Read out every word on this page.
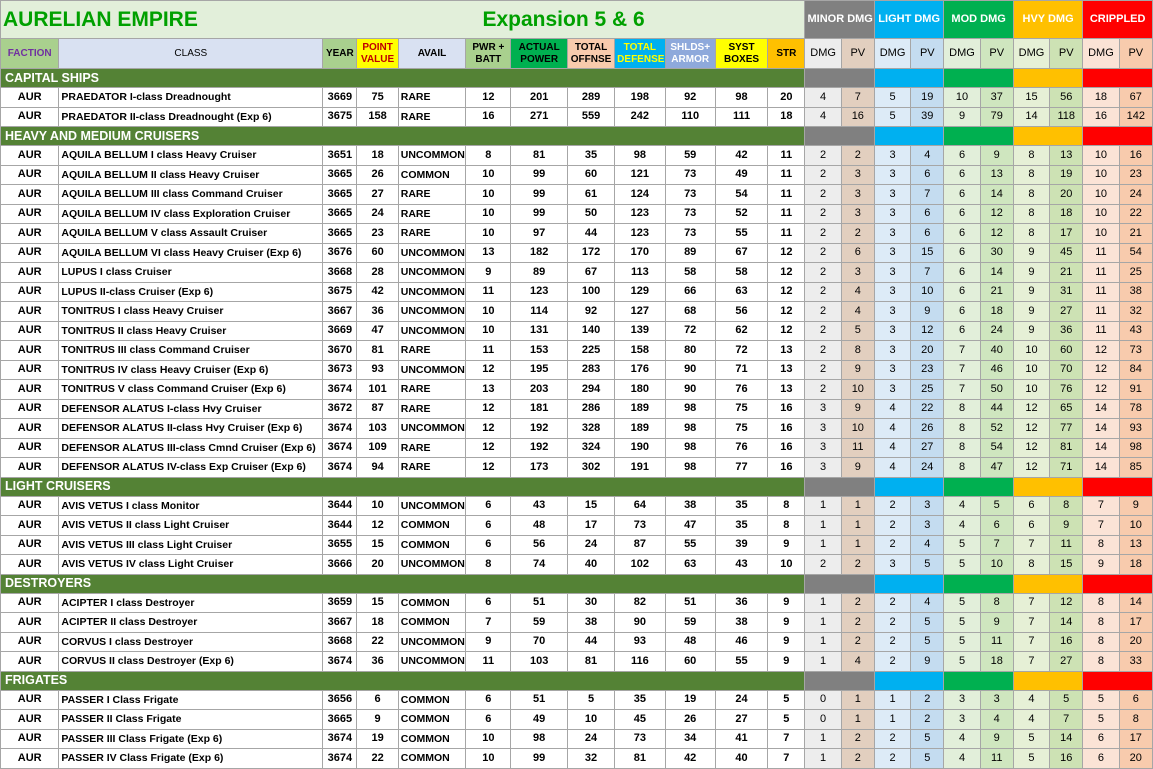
AURELIAN EMPIRE		Expansion 5 & 6										MINOR DMG		LIGHT DMG		MOD DMG		HVY DMG		CRIPPLED	
FACTION	CLASS	YEAR	POINT VALUE	AVAIL	PWR + BATT	ACTUAL POWER	TOTAL OFFNSE	TOTAL DEFENSE	SHLDS+ ARMOR	SYST BOXES	STR	DMG	PV	DMG	PV	DMG	PV	DMG	PV	DMG	PV
CAPITAL SHIPS																					
AUR	PRAEDATOR I-class Dreadnought	3669	75	RARE	12	201	289	198	92	98	20	4	7	5	19	10	37	15	56	18	67
AUR	PRAEDATOR II-class Dreadnought (Exp 6)	3675	158	RARE	16	271	559	242	110	111	18	4	16	5	39	9	79	14	118	16	142
HEAVY AND MEDIUM CRUISERS																					
AUR	AQUILA BELLUM I class Heavy Cruiser	3651	18	UNCOMMON	8	81	35	98	59	42	11	2	2	3	4	6	9	8	13	10	16
AUR	AQUILA BELLUM II class Heavy Cruiser	3665	26	COMMON	10	99	60	121	73	49	11	2	3	3	6	6	13	8	19	10	23
AUR	AQUILA BELLUM III class Command Cruiser	3665	27	RARE	10	99	61	124	73	54	11	2	3	3	7	6	14	8	20	10	24
AUR	AQUILA BELLUM IV class Exploration Cruiser	3665	24	RARE	10	99	50	123	73	52	11	2	3	3	6	6	12	8	18	10	22
AUR	AQUILA BELLUM V class Assault Cruiser	3665	23	RARE	10	97	44	123	73	55	11	2	2	3	6	6	12	8	17	10	21
AUR	AQUILA BELLUM VI class Heavy Cruiser (Exp 6)	3676	60	UNCOMMON	13	182	172	170	89	67	12	2	6	3	15	6	30	9	45	11	54
AUR	LUPUS I class Cruiser	3668	28	UNCOMMON	9	89	67	113	58	58	12	2	3	3	7	6	14	9	21	11	25
AUR	LUPUS II-class Cruiser (Exp 6)	3675	42	UNCOMMON	11	123	100	129	66	63	12	2	4	3	10	6	21	9	31	11	38
AUR	TONITRUS I class Heavy Cruiser	3667	36	UNCOMMON	10	114	92	127	68	56	12	2	4	3	9	6	18	9	27	11	32
AUR	TONITRUS II class Heavy Cruiser	3669	47	UNCOMMON	10	131	140	139	72	62	12	2	5	3	12	6	24	9	36	11	43
AUR	TONITRUS III class Command Cruiser	3670	81	RARE	11	153	225	158	80	72	13	2	8	3	20	7	40	10	60	12	73
AUR	TONITRUS IV class Heavy Cruiser (Exp 6)	3673	93	UNCOMMON	12	195	283	176	90	71	13	2	9	3	23	7	46	10	70	12	84
AUR	TONITRUS V class Command Cruiser (Exp 6)	3674	101	RARE	13	203	294	180	90	76	13	2	10	3	25	7	50	10	76	12	91
AUR	DEFENSOR ALATUS I-class Hvy Cruiser	3672	87	RARE	12	181	286	189	98	75	16	3	9	4	22	8	44	12	65	14	78
AUR	DEFENSOR ALATUS II-class Hvy Cruiser (Exp 6)	3674	103	UNCOMMON	12	192	328	189	98	75	16	3	10	4	26	8	52	12	77	14	93
AUR	DEFENSOR ALATUS III-class Cmnd Cruiser (Exp 6)	3674	109	RARE	12	192	324	190	98	76	16	3	11	4	27	8	54	12	81	14	98
AUR	DEFENSOR ALATUS IV-class Exp Cruiser (Exp 6)	3674	94	RARE	12	173	302	191	98	77	16	3	9	4	24	8	47	12	71	14	85
LIGHT CRUISERS																					
AUR	AVIS VETUS I class Monitor	3644	10	UNCOMMON	6	43	15	64	38	35	8	1	1	2	3	4	5	6	8	7	9
AUR	AVIS VETUS II class Light Cruiser	3644	12	COMMON	6	48	17	73	47	35	8	1	1	2	3	4	6	6	9	7	10
AUR	AVIS VETUS III class Light Cruiser	3655	15	COMMON	6	56	24	87	55	39	9	1	1	2	4	5	7	7	11	8	13
AUR	AVIS VETUS IV class Light Cruiser	3666	20	UNCOMMON	8	74	40	102	63	43	10	2	2	3	5	5	10	8	15	9	18
DESTROYERS																					
AUR	ACIPTER I class Destroyer	3659	15	COMMON	6	51	30	82	51	36	9	1	2	2	4	5	8	7	12	8	14
AUR	ACIPTER II class Destroyer	3667	18	COMMON	7	59	38	90	59	38	9	1	2	2	5	5	9	7	14	8	17
AUR	CORVUS I class Destroyer	3668	22	UNCOMMON	9	70	44	93	48	46	9	1	2	2	5	5	11	7	16	8	20
AUR	CORVUS II class Destroyer (Exp 6)	3674	36	UNCOMMON	11	103	81	116	60	55	9	1	4	2	9	5	18	7	27	8	33
FRIGATES																					
AUR	PASSER I Class Frigate	3656	6	COMMON	6	51	5	35	19	24	5	0	1	1	2	3	3	4	5	5	6
AUR	PASSER II Class Frigate	3665	9	COMMON	6	49	10	45	26	27	5	0	1	1	2	3	4	4	7	5	8
AUR	PASSER III Class Frigate (Exp 6)	3674	19	COMMON	10	98	24	73	34	41	7	1	2	2	5	4	9	5	14	6	17
AUR	PASSER IV Class Frigate (Exp 6)	3674	22	COMMON	10	99	32	81	42	40	7	1	2	2	5	4	11	5	16	6	20
